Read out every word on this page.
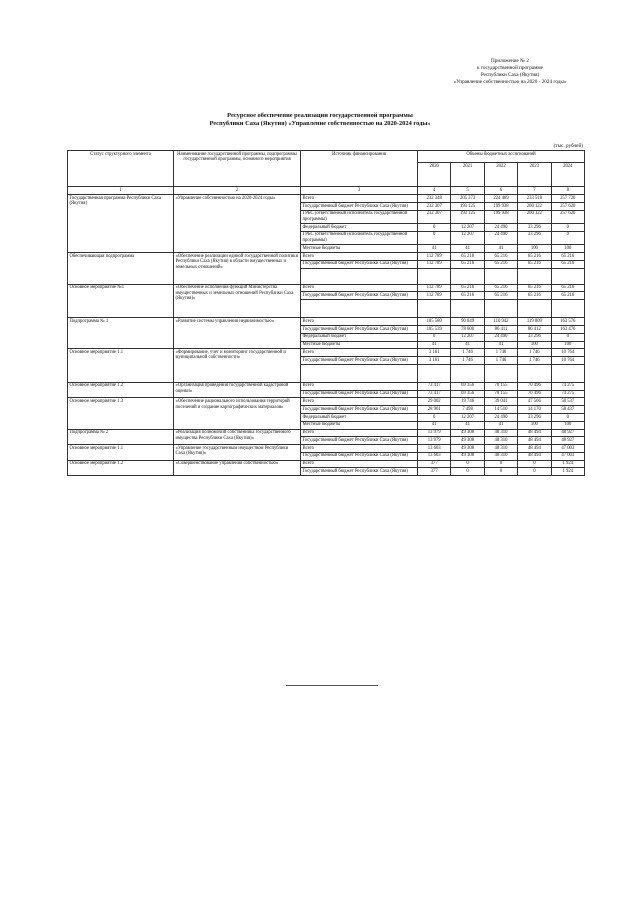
Приложение № 2
к государственной программе
Республики Саха (Якутия)
«Управление собственностью на 2020 - 2024 годы»
Ресурсное обеспечение реализации государственной программы
Республики Саха (Якутия) «Управление собственностью на 2020-2024 годы»
(тыс. рублей)
Статус структурного элемента	Наименование государственной программы, подпрограммы государственной программы, основного мероприятия	Источник финансирования	Объемы бюджетных ассигнований				
			2020	2021	2022	2023	2024
1	2	3	4	5	6	7	8
Государственная программа Республики Саха (Якутия)	«Управление собственностью на 2020-2024 годы»	Всего	232 348	205 373	224 469	233 518	257 720
		Государственный бюджет Республики Саха (Якутия)	232 307	193 125	199 938	200 122	257 620
		ГРБС (ответственный исполнитель государственной программы)	232 307	193 125	199 938	200 122	257 620
		Федеральный бюджет	0	12 207	24 490	33 296	0
		ГРБС (ответственный исполнитель государственной программы)	0	12 207	24 490	33 296	0
		Местные бюджеты	41	41	41	100	100
Обеспечивающая подпрограмма	«Обеспечение реализации единой государственной политики Республики Саха (Якутия) в области имущественных и земельных отношений»	Всего	112 789	65 216	65 216	65 216	65 216
		Государственный бюджет Республики Саха (Якутия)	112 789	65 216	65 216	65 216	65 216

Основное мероприятие №1	«Обеспечение исполнения функций Министерства имущественных и земельных отношений Республики Саха (Якутия)»	Всего	112 789	65 216	65 216	65 216	65 216
		Государственный бюджет Республики Саха (Якутия)	112 789	65 216	65 216	65 216	65 216

Подпрограмма № 1	«Развитие системы управления недвижимостью»	Всего	105 580	90 849	110 942	119 809	163 576
		Государственный бюджет Республики Саха (Якутия)	105 539	78 600	86 411	86 412	163 476
		Федеральный бюджет	0	12 207	24 490	33 296	0
		Местные бюджеты	41	41	41	100	100
Основное мероприятие 1.1	«Формирование, учет и мониторинг государственной и муниципальной собственности»	Всего	3 161	1 746	1 746	1 746	10 764
		Государственный бюджет Республики Саха (Якутия)	3 161	1 746	1 746	1 746	10 764

Основное мероприятие 1.2	«Организация проведения государственной кадастровой оценки»	Всего	73 417	69 356	70 155	70 496	74 275
		Государственный бюджет Республики Саха (Якутия)	73 417	69 356	70 155	70 496	74 275
Основное мероприятие 1.3	«Обеспечение рационального использования территорий поселений и создание картографических материалов»	Всего	29 002	19 746	39 041	47 566	58 537
		Государственный бюджет Республики Саха (Якутия)	28 961	7 498	14 510	14 170	58 437
		Федеральный бюджет	0	12 207	24 490	33 296	0
		Местные бюджеты	41	41	41	100	100
Подпрограмма № 2	«Реализация полномочий собственника государственного имущества Республики Саха (Якутия)»	Всего	13 979	49 308	48 310	48 494	48 927
		Государственный бюджет Республики Саха (Якутия)	13 979	49 308	48 310	48 494	48 927
Основное мероприятие 1.1	«Управление государственным имуществом Республики Саха (Якутия)»	Всего	13 603	49 308	48 310	48 494	47 003
		Государственный бюджет Республики Саха (Якутия)	13 603	49 308	48 310	48 494	47 003
Основное мероприятие 1.2	«Совершенствование управления собственностью»	Всего	377	0	0	0	1 924
		Государственный бюджет Республики Саха (Якутия)	377	0	0	0	1 924
